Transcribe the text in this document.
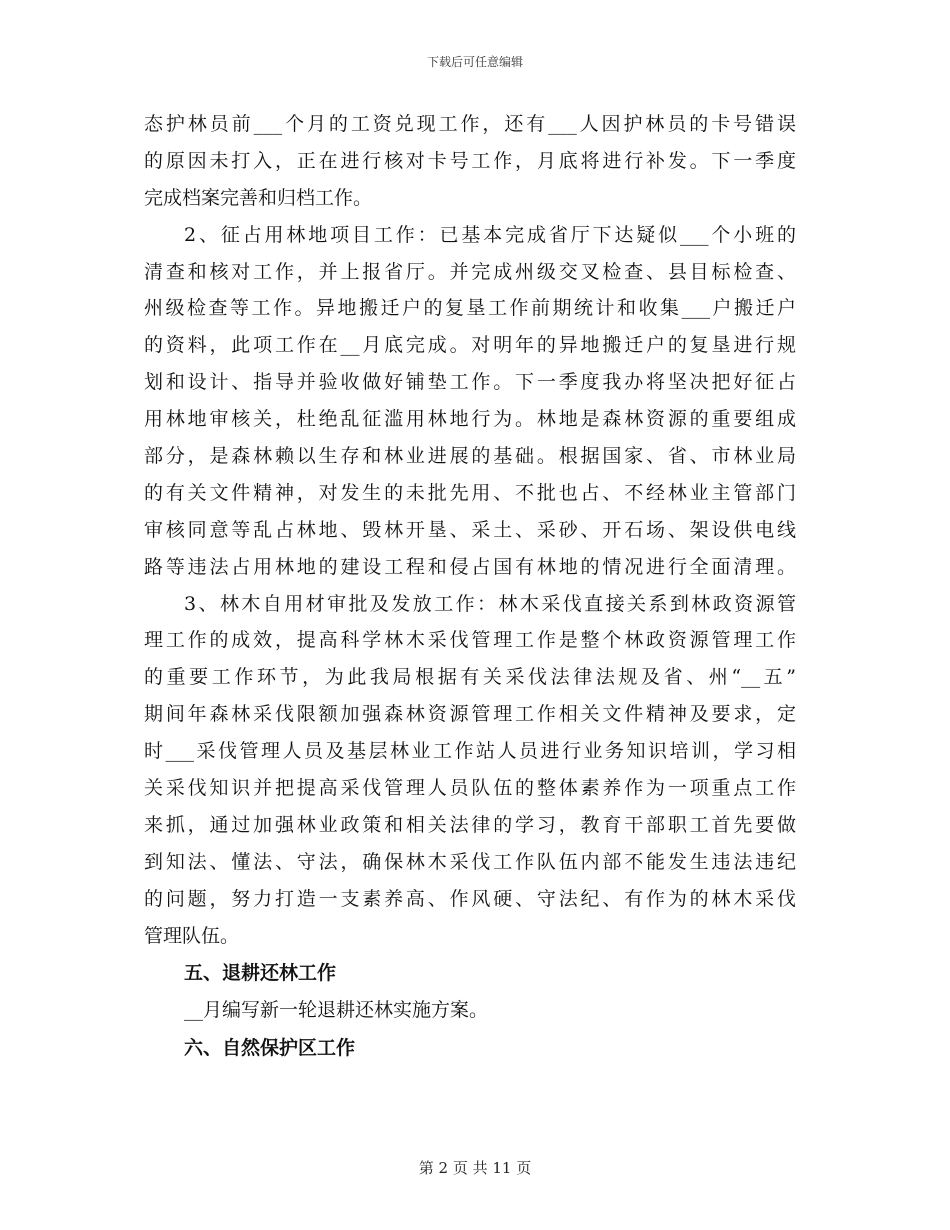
下载后可任意编辑
态护林员前___个月的工资兑现工作，还有___人因护林员的卡号错误
的原因未打入，正在进行核对卡号工作，月底将进行补发。下一季度
完成档案完善和归档工作。
2、征占用林地项目工作：已基本完成省厅下达疑似___个小班的
清查和核对工作，并上报省厅。并完成州级交叉检查、县目标检查、
州级检查等工作。异地搬迁户的复垦工作前期统计和收集___户搬迁户
的资料，此项工作在__月底完成。对明年的异地搬迁户的复垦进行规
划和设计、指导并验收做好铺垫工作。下一季度我办将坚决把好征占
用林地审核关，杜绝乱征滥用林地行为。林地是森林资源的重要组成
部分，是森林赖以生存和林业进展的基础。根据国家、省、市林业局
的有关文件精神，对发生的未批先用、不批也占、不经林业主管部门
审核同意等乱占林地、毁林开垦、采土、采砂、开石场、架设供电线
路等违法占用林地的建设工程和侵占国有林地的情况进行全面清理。
3、林木自用材审批及发放工作：林木采伐直接关系到林政资源管
理工作的成效，提高科学林木采伐管理工作是整个林政资源管理工作
的重要工作环节，为此我局根据有关采伐法律法规及省、州“__五”
期间年森林采伐限额加强森林资源管理工作相关文件精神及要求，定
时___采伐管理人员及基层林业工作站人员进行业务知识培训，学习相
关采伐知识并把提高采伐管理人员队伍的整体素养作为一项重点工作
来抓，通过加强林业政策和相关法律的学习，教育干部职工首先要做
到知法、懂法、守法，确保林木采伐工作队伍内部不能发生违法违纪
的问题，努力打造一支素养高、作风硬、守法纪、有作为的林木采伐
管理队伍。
五、退耕还林工作
__月编写新一轮退耕还林实施方案。
六、自然保护区工作
第 2 页 共 11 页
